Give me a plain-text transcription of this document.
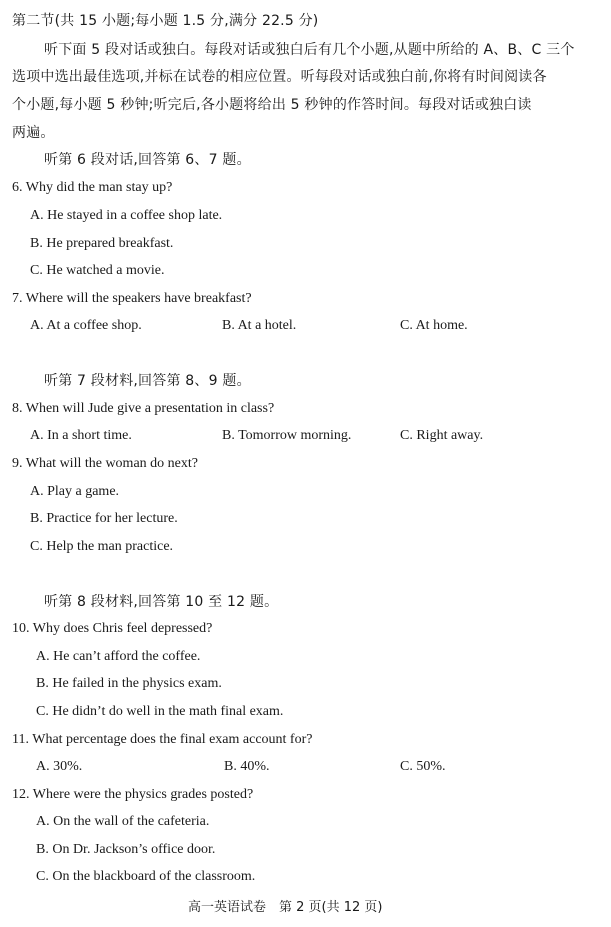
第二节(共 15 小题;每小题 1.5 分,满分 22.5 分)
听下面 5 段对话或独白。每段对话或独白后有几个小题,从题中所给的 A、B、C 三个
选项中选出最佳选项,并标在试卷的相应位置。听每段对话或独白前,你将有时间阅读各
个小题,每小题 5 秒钟;听完后,各小题将给出 5 秒钟的作答时间。每段对话或独白读
两遍。
听第 6 段对话,回答第 6、7 题。
6. Why did the man stay up?
A. He stayed in a coffee shop late.
B. He prepared breakfast.
C. He watched a movie.
7. Where will the speakers have breakfast?
A. At a coffee shop.	B. At a hotel.	C. At home.
听第 7 段材料,回答第 8、9 题。
8. When will Jude give a presentation in class?
A. In a short time.	B. Tomorrow morning.	C. Right away.
9. What will the woman do next?
A. Play a game.
B. Practice for her lecture.
C. Help the man practice.
听第 8 段材料,回答第 10 至 12 题。
10. Why does Chris feel depressed?
A. He can’t afford the coffee.
B. He failed in the physics exam.
C. He didn’t do well in the math final exam.
11. What percentage does the final exam account for?
A. 30%.	B. 40%.	C. 50%.
12. Where were the physics grades posted?
A. On the wall of the cafeteria.
B. On Dr. Jackson’s office door.
C. On the blackboard of the classroom.
高一英语试卷　第 2 页(共 12 页)
